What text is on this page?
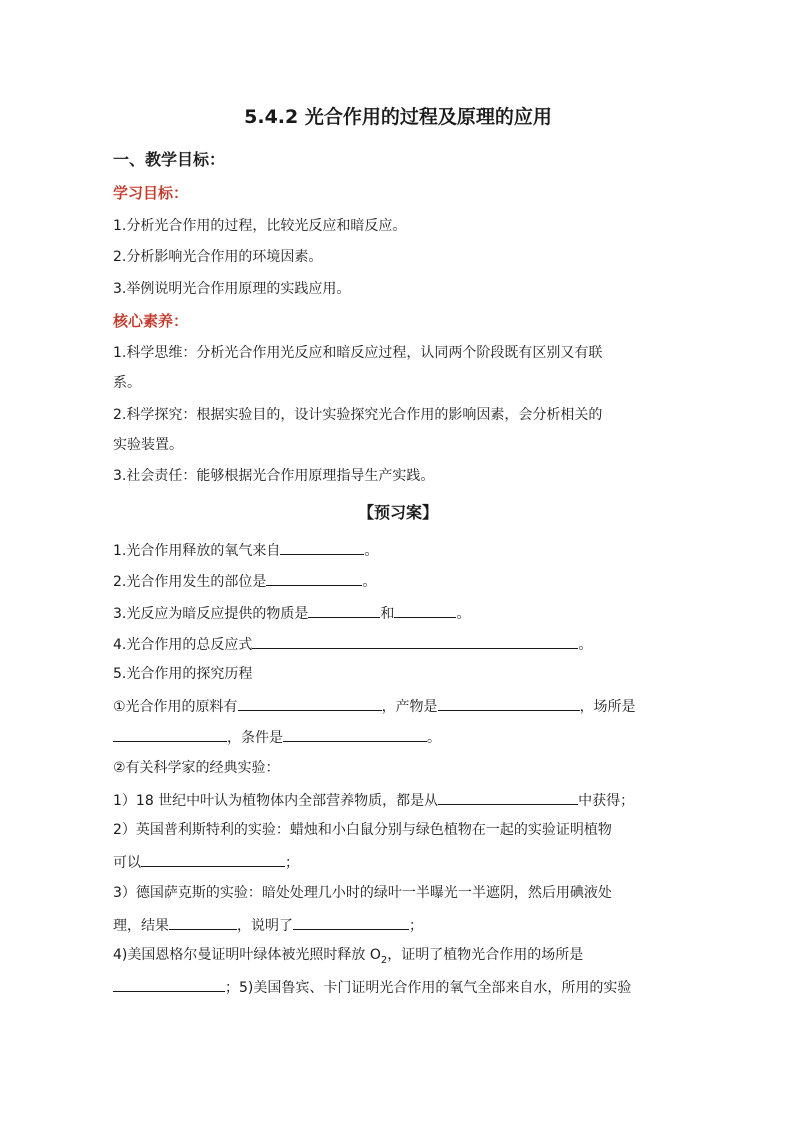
5.4.2 光合作用的过程及原理的应用
一、教学目标：
学习目标：
1.分析光合作用的过程，比较光反应和暗反应。
2.分析影响光合作用的环境因素。
3.举例说明光合作用原理的实践应用。
核心素养：
1.科学思维：分析光合作用光反应和暗反应过程，认同两个阶段既有区别又有联
系。
2.科学探究：根据实验目的，设计实验探究光合作用的影响因素，会分析相关的
实验装置。
3.社会责任：能够根据光合作用原理指导生产实践。
【预习案】
1.光合作用释放的氧气来自	。
2.光合作用发生的部位是	。
3.光反应为暗反应提供的物质是	和	。
4.光合作用的总反应式	。
5.光合作用的探究历程
①光合作用的原料有	，产物是	，场所是
，条件是	。
②有关科学家的经典实验：
1）18 世纪中叶认为植物体内全部营养物质，都是从	中获得；
2）英国普利斯特利的实验：蜡烛和小白鼠分别与绿色植物在一起的实验证明植物
可以	；
3）德国萨克斯的实验：暗处处理几小时的绿叶一半曝光一半遮阴，然后用碘液处
理，结果	，说明了	；
4)美国恩格尔曼证明叶绿体被光照时释放 $O_2$，证明了植物光合作用的场所是
；5)美国鲁宾、卡门证明光合作用的氧气全部来自水，所用的实验
